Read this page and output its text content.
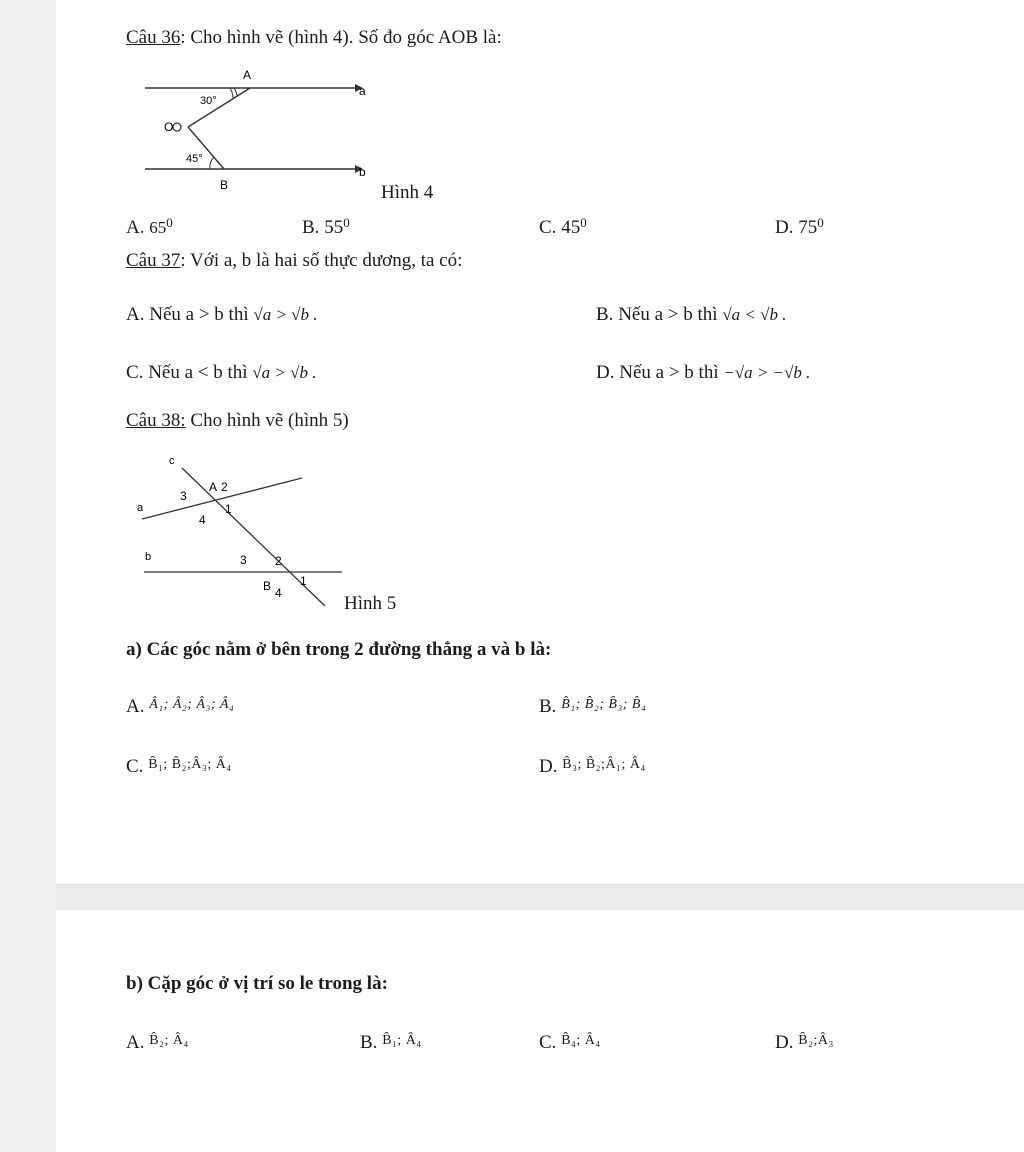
Câu 36: Cho hình vẽ (hình 4). Số đo góc AOB là:
A
O
B
a
b
30°
45°
Hình 4
A. $65^0$	B. $55^0$	C. $45^0$	D. $75^0$
Câu 37: Với a, b là hai số thực dương, ta có:
A. Nếu a > b thì √a > √b .	B. Nếu a > b thì √a < √b .
C. Nếu a < b thì √a > √b .	D. Nếu a > b thì −√a > −√b .
Câu 38: Cho hình vẽ (hình 5)
c
a
b
A 2
3
1
4
3 2
B 4
1
Hình 5
a) Các góc nằm ở bên trong 2 đường thẳng a và b là:
A. $^{Â_1; Â_2; Â_3; Â_4}$	B. $^{B̂_1; B̂_2; B̂_3; B̂_4}$
C. $^{B̂_1; B̂_2;Â_3; Â_4}$	D. $^{B̂_3; B̂_2;Â_1; Â_4}$
b) Cặp góc ở vị trí so le trong là:
A. $^{B̂_2; Â_4}$	B. $^{B̂_1; Â_4}$	C. $^{B̂_4; Â_4}$	D. $^{B̂_2;Â_3}$
